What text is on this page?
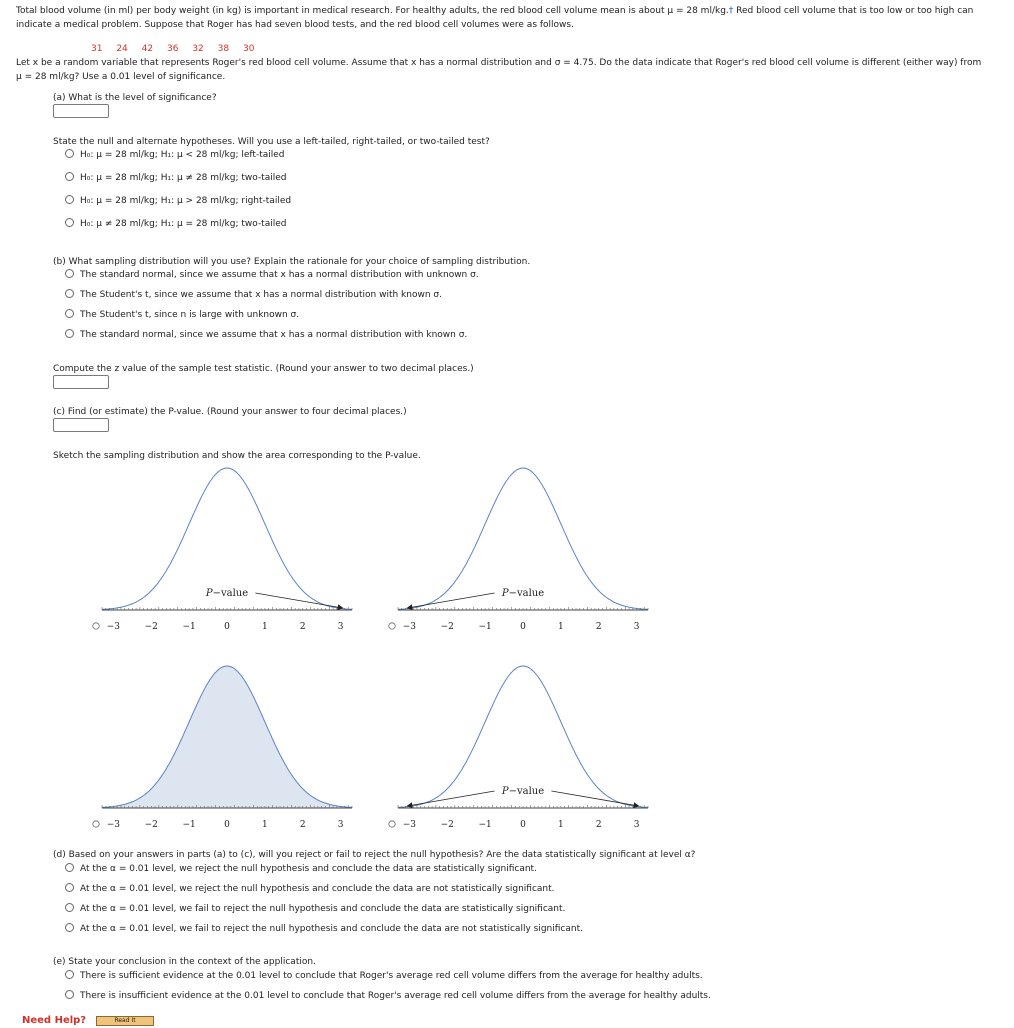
Total blood volume (in ml) per body weight (in kg) is important in medical research. For healthy adults, the red blood cell volume mean is about μ = 28 ml/kg.† Red blood cell volume that is too low or too high can indicate a medical problem. Suppose that Roger has had seven blood tests, and the red blood cell volumes were as follows.
31 24 42 36 32 38 30
Let x be a random variable that represents Roger's red blood cell volume. Assume that x has a normal distribution and σ = 4.75. Do the data indicate that Roger's red blood cell volume is different (either way) from μ = 28 ml/kg? Use a 0.01 level of significance.
(a) What is the level of significance?
State the null and alternate hypotheses. Will you use a left-tailed, right-tailed, or two-tailed test?
H₀: μ = 28 ml/kg; H₁: μ < 28 ml/kg; left-tailed
H₀: μ = 28 ml/kg; H₁: μ ≠ 28 ml/kg; two-tailed
H₀: μ = 28 ml/kg; H₁: μ > 28 ml/kg; right-tailed
H₀: μ ≠ 28 ml/kg; H₁: μ = 28 ml/kg; two-tailed
(b) What sampling distribution will you use? Explain the rationale for your choice of sampling distribution.
The standard normal, since we assume that x has a normal distribution with unknown σ.
The Student's t, since we assume that x has a normal distribution with known σ.
The Student's t, since n is large with unknown σ.
The standard normal, since we assume that x has a normal distribution with known σ.
Compute the z value of the sample test statistic. (Round your answer to two decimal places.)
(c) Find (or estimate) the P-value. (Round your answer to four decimal places.)
Sketch the sampling distribution and show the area corresponding to the P-value.
−3	−2	−1	0	1	2	3
P−value
−3	−2	−1	0	1	2	3
P−value
−3	−2	−1	0	1	2	3	−3	−2	−1	0	1	2	3
P−value
(d) Based on your answers in parts (a) to (c), will you reject or fail to reject the null hypothesis? Are the data statistically significant at level α?
At the α = 0.01 level, we reject the null hypothesis and conclude the data are statistically significant.
At the α = 0.01 level, we reject the null hypothesis and conclude the data are not statistically significant.
At the α = 0.01 level, we fail to reject the null hypothesis and conclude the data are statistically significant.
At the α = 0.01 level, we fail to reject the null hypothesis and conclude the data are not statistically significant.
(e) State your conclusion in the context of the application.
There is sufficient evidence at the 0.01 level to conclude that Roger's average red cell volume differs from the average for healthy adults.
There is insufficient evidence at the 0.01 level to conclude that Roger's average red cell volume differs from the average for healthy adults.
Need Help?	Read It
